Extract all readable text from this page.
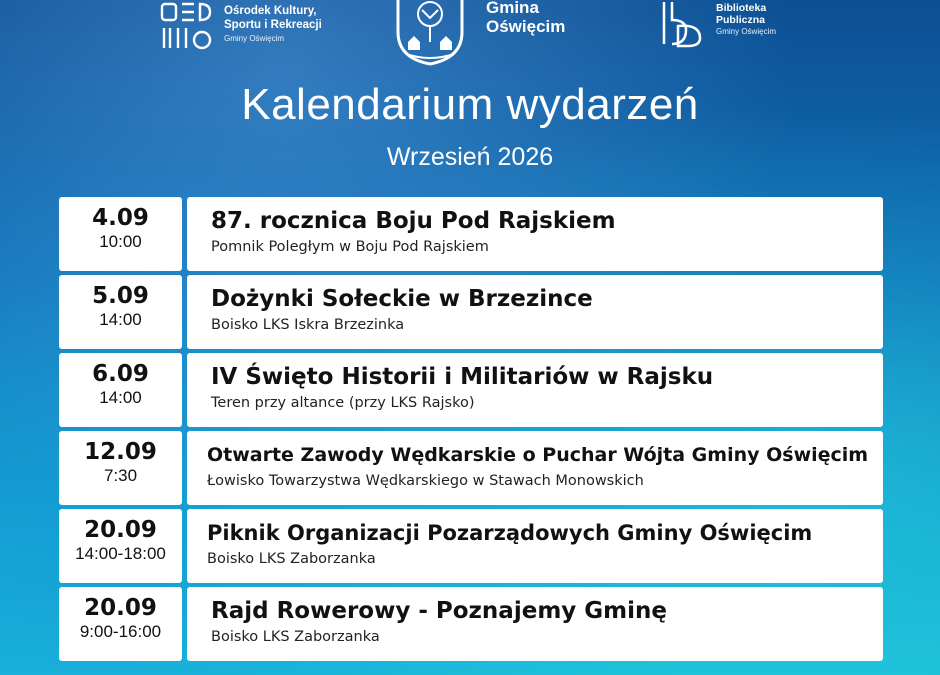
Ośrodek Kultury,
Sportu i Rekreacji
Gminy Oświęcim
Gmina
Oświęcim
Biblioteka
Publiczna
Gminy Oświęcim
Kalendarium wydarzeń
Wrzesień 2026
4.09
10:00
87. rocznica Boju Pod Rajskiem
Pomnik Poległym w Boju Pod Rajskiem
5.09
14:00
Dożynki Sołeckie w Brzezince
Boisko LKS Iskra Brzezinka
6.09
14:00
IV Święto Historii i Militariów w Rajsku
Teren przy altance (przy LKS Rajsko)
12.09
7:30
Otwarte Zawody Wędkarskie o Puchar Wójta Gminy Oświęcim
Łowisko Towarzystwa Wędkarskiego w Stawach Monowskich
20.09
14:00-18:00
Piknik Organizacji Pozarządowych Gminy Oświęcim
Boisko LKS Zaborzanka
20.09
9:00-16:00
Rajd Rowerowy - Poznajemy Gminę
Boisko LKS Zaborzanka
